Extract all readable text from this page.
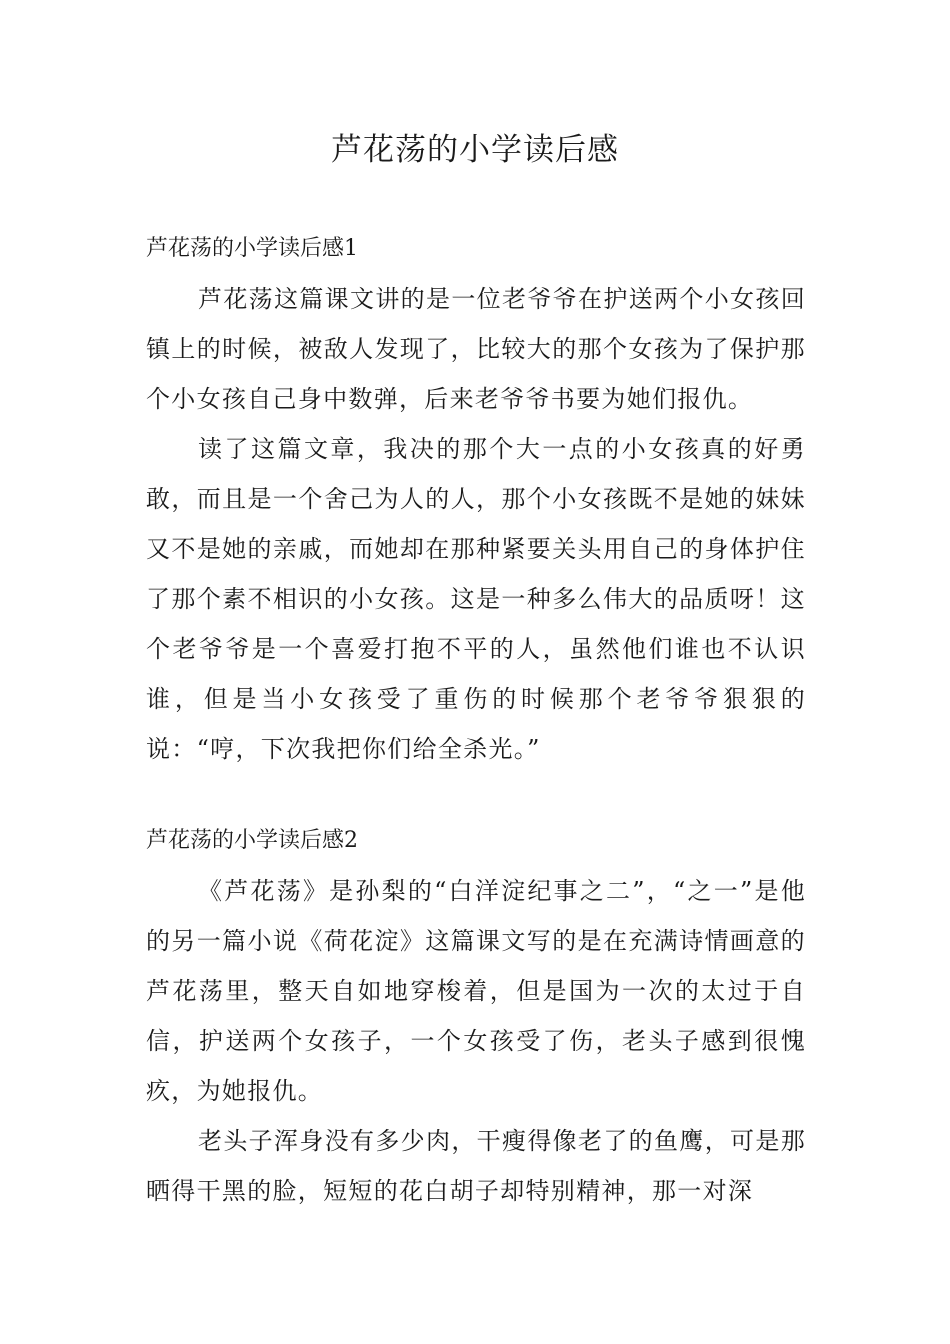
芦花荡的小学读后感
芦花荡的小学读后感1

芦花荡这篇课文讲的是一位老爷爷在护送两个小女孩回镇上的时候，被敌人发现了，比较大的那个女孩为了保护那个小女孩自己身中数弹，后来老爷爷书要为她们报仇。

读了这篇文章，我决的那个大一点的小女孩真的好勇敢，而且是一个舍己为人的人，那个小女孩既不是她的妹妹又不是她的亲戚，而她却在那种紧要关头用自己的身体护住了那个素不相识的小女孩。这是一种多么伟大的品质呀！这个老爷爷是一个喜爱打抱不平的人，虽然他们谁也不认识谁，但是当小女孩受了重伤的时候那个老爷爷狠狠的说：“哼，下次我把你们给全杀光。”

芦花荡的小学读后感2

《芦花荡》是孙梨的“白洋淀纪事之二”，“之一”是他的另一篇小说《荷花淀》这篇课文写的是在充满诗情画意的芦花荡里，整天自如地穿梭着，但是国为一次的太过于自信，护送两个女孩子，一个女孩受了伤，老头子感到很愧疚，为她报仇。

老头子浑身没有多少肉，干瘦得像老了的鱼鹰，可是那晒得干黑的脸，短短的花白胡子却特别精神，那一对深
